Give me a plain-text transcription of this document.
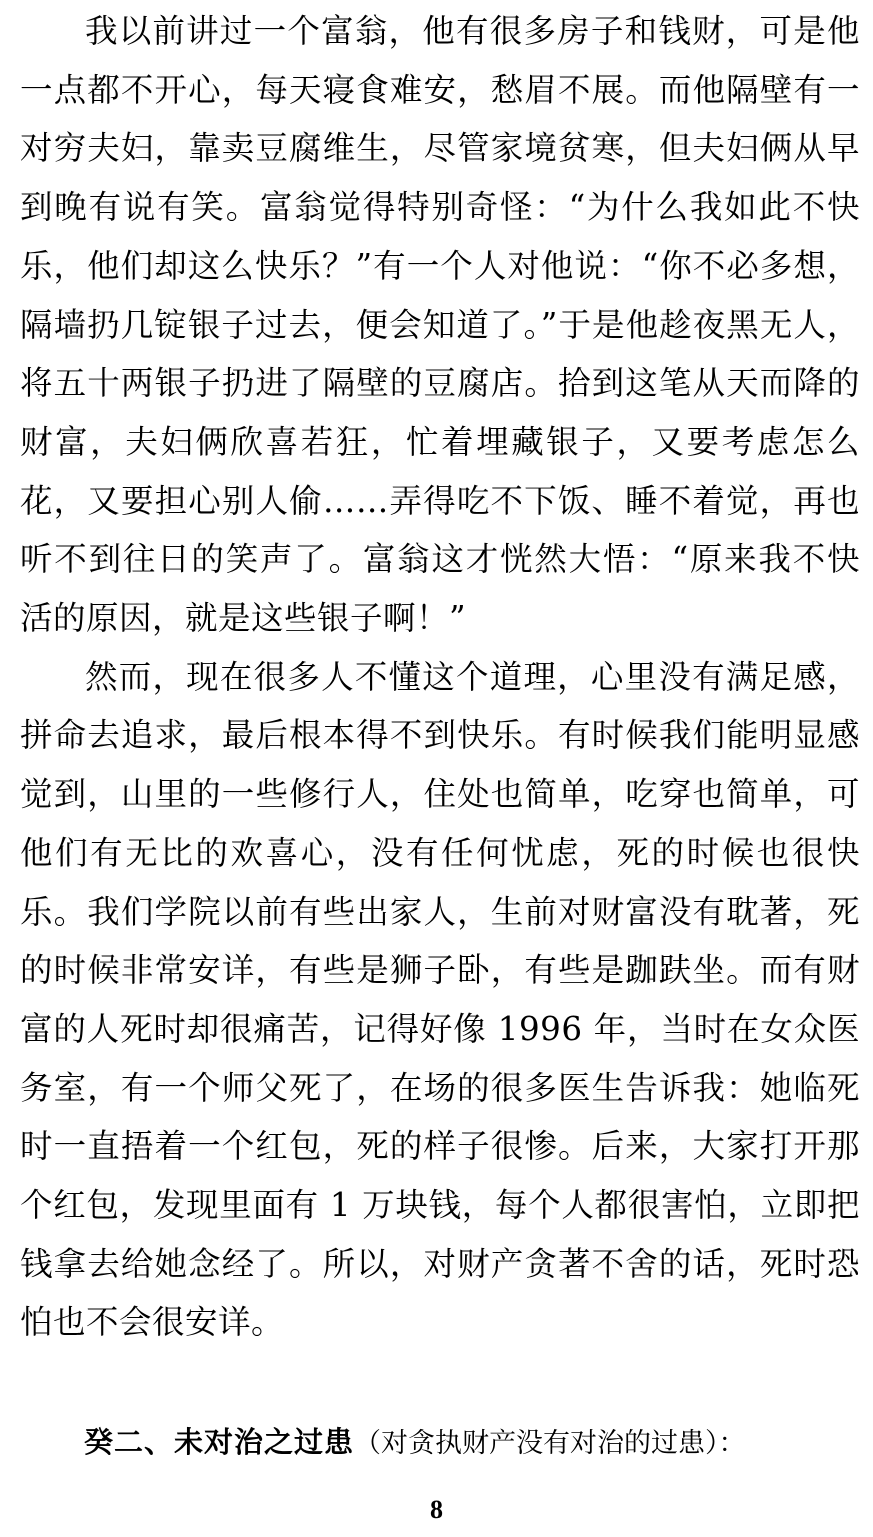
我以前讲过一个富翁，他有很多房子和钱财，可是他一点都不开心，每天寝食难安，愁眉不展。而他隔壁有一对穷夫妇，靠卖豆腐维生，尽管家境贫寒，但夫妇俩从早到晚有说有笑。富翁觉得特别奇怪：“为什么我如此不快乐，他们却这么快乐？”有一个人对他说：“你不必多想，隔墙扔几锭银子过去，便会知道了。”于是他趁夜黑无人，将五十两银子扔进了隔壁的豆腐店。拾到这笔从天而降的财富，夫妇俩欣喜若狂，忙着埋藏银子，又要考虑怎么花，又要担心别人偷……弄得吃不下饭、睡不着觉，再也听不到往日的笑声了。富翁这才恍然大悟：“原来我不快活的原因，就是这些银子啊！”

然而，现在很多人不懂这个道理，心里没有满足感，拼命去追求，最后根本得不到快乐。有时候我们能明显感觉到，山里的一些修行人，住处也简单，吃穿也简单，可他们有无比的欢喜心，没有任何忧虑，死的时候也很快乐。我们学院以前有些出家人，生前对财富没有耽著，死的时候非常安详，有些是狮子卧，有些是跏趺坐。而有财富的人死时却很痛苦，记得好像 1996 年，当时在女众医务室，有一个师父死了，在场的很多医生告诉我：她临死时一直捂着一个红包，死的样子很惨。后来，大家打开那个红包，发现里面有 1 万块钱，每个人都很害怕，立即把钱拿去给她念经了。所以，对财产贪著不舍的话，死时恐怕也不会很安详。

癸二、未对治之过患（对贪执财产没有对治的过患）：
8
